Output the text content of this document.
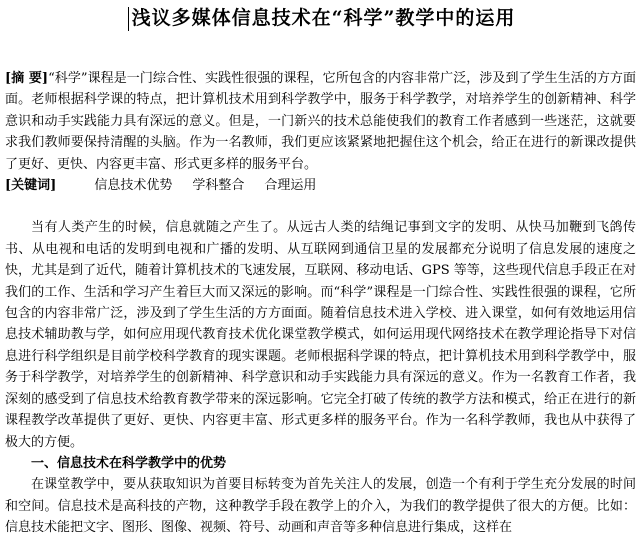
浅议多媒体信息技术在“科学”教学中的运用

[摘 要]“科学”课程是一门综合性、实践性很强的课程，它所包含的内容非常广泛，涉及到了学生生活的方方面面。老师根据科学课的特点，把计算机技术用到科学教学中，服务于科学教学，对培养学生的创新精神、科学意识和动手实践能力具有深远的意义。但是，一门新兴的技术总能使我们的教育工作者感到一些迷茫，这就要求我们教师要保持清醒的头脑。作为一名教师，我们更应该紧紧地把握住这个机会，给正在进行的新课改提供了更好、更快、内容更丰富、形式更多样的服务平台。

[关键词]	信息技术优势 学科整合 合理运用

当有人类产生的时候，信息就随之产生了。从远古人类的结绳记事到文字的发明、从快马加鞭到飞鸽传书、从电视和电话的发明到电视和广播的发明、从互联网到通信卫星的发展都充分说明了信息发展的速度之快，尤其是到了近代，随着计算机技术的飞速发展，互联网、移动电话、GPS 等等，这些现代信息手段正在对我们的工作、生活和学习产生着巨大而又深远的影响。而“科学”课程是一门综合性、实践性很强的课程，它所包含的内容非常广泛，涉及到了学生生活的方方面面。随着信息技术进入学校、进入课堂，如何有效地运用信息技术辅助教与学，如何应用现代教育技术优化课堂教学模式，如何运用现代网络技术在教学理论指导下对信息进行科学组织是目前学校科学教育的现实课题。老师根据科学课的特点，把计算机技术用到科学教学中，服务于科学教学，对培养学生的创新精神、科学意识和动手实践能力具有深远的意义。作为一名教育工作者，我深刻的感受到了信息技术给教育教学带来的深远影响。它完全打破了传统的教学方法和模式，给正在进行的新课程教学改革提供了更好、更快、内容更丰富、形式更多样的服务平台。作为一名科学教师，我也从中获得了极大的方便。

一、信息技术在科学教学中的优势

在课堂教学中，要从获取知识为首要目标转变为首先关注人的发展，创造一个有利于学生充分发展的时间和空间。信息技术是高科技的产物，这种教学手段在教学上的介入，为我们的教学提供了很大的方便。比如：信息技术能把文字、图形、图像、视频、符号、动画和声音等多种信息进行集成，这样在
